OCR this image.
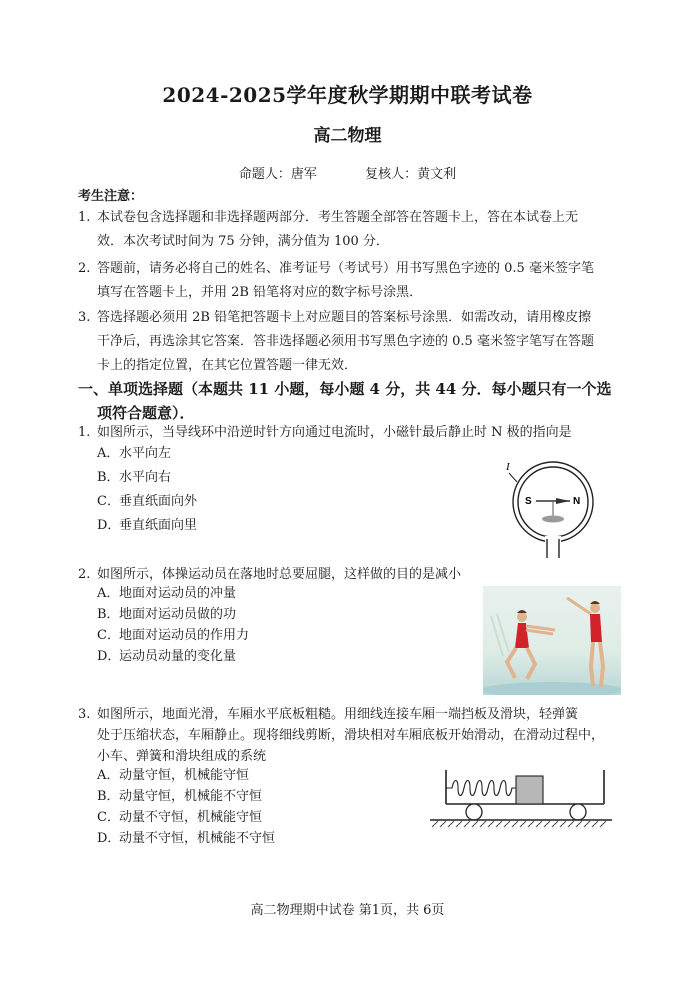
2024-2025学年度秋学期期中联考试卷
高二物理
命题人：唐军	复核人：黄文利
考生注意：
1. 本试卷包含选择题和非选择题两部分．考生答题全部答在答题卡上，答在本试卷上无
效．本次考试时间为 75 分钟，满分值为 100 分．
2. 答题前，请务必将自己的姓名、准考证号（考试号）用书写黑色字迹的 0.5 毫米签字笔
填写在答题卡上，并用 2B 铅笔将对应的数字标号涂黑．
3. 答选择题必须用 2B 铅笔把答题卡上对应题目的答案标号涂黑．如需改动，请用橡皮擦
干净后，再选涂其它答案．答非选择题必须用书写黑色字迹的 0.5 毫米签字笔写在答题
卡上的指定位置，在其它位置答题一律无效．
一、单项选择题（本题共 11 小题，每小题 4 分，共 44 分．每小题只有一个选
项符合题意）．
1. 如图所示，当导线环中沿逆时针方向通过电流时，小磁针最后静止时 N 极的指向是
A．水平向左
B．水平向右
C．垂直纸面向外
D．垂直纸面向里
I
S	N
2. 如图所示，体操运动员在落地时总要屈腿，这样做的目的是减小
A．地面对运动员的冲量
B．地面对运动员做的功
C．地面对运动员的作用力
D．运动员动量的变化量
3. 如图所示，地面光滑，车厢水平底板粗糙。用细线连接车厢一端挡板及滑块，轻弹簧
处于压缩状态，车厢静止。现将细线剪断，滑块相对车厢底板开始滑动，在滑动过程中，
小车、弹簧和滑块组成的系统
A．动量守恒，机械能守恒
B．动量守恒，机械能不守恒
C．动量不守恒，机械能守恒
D．动量不守恒，机械能不守恒
高二物理期中试卷 第1页，共 6页
